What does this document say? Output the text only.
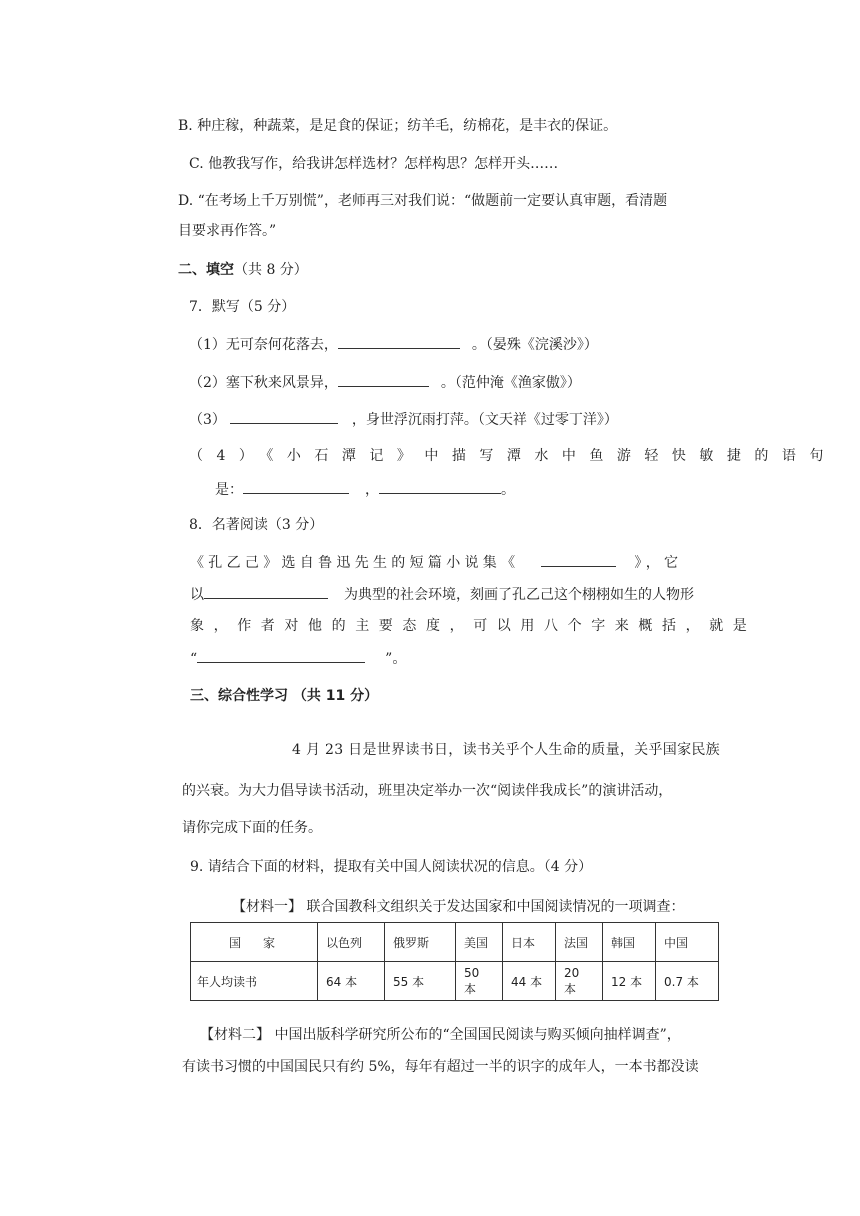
B. 种庄稼，种蔬菜，是足食的保证；纺羊毛，纺棉花，是丰衣的保证。
C. 他教我写作，给我讲怎样选材？怎样构思？怎样开头……
D. “在考场上千万别慌”，老师再三对我们说：“做题前一定要认真审题，看清题
目要求再作答。”
二、填空（共 8 分）
7．默写（5 分）
（1）无可奈何花落去，	。（晏殊《浣溪沙》）
（2）塞下秋来风景异，	。（范仲淹《渔家傲》）
（3）	，身世浮沉雨打萍。（文天祥《过零丁洋》）
（4）《小石潭记》中描写潭水中鱼游轻快敏捷的语句
是：	，	。
8．名著阅读（3 分）
《孔乙己》选自鲁迅先生的短篇小说集《	》，它
以	为典型的社会环境，刻画了孔乙己这个栩栩如生的人物形
象，作者对他的主要态度，可以用八个字来概括，就是
“	”。
三、综合性学习 （共 11 分）
4 月 23 日是世界读书日，读书关乎个人生命的质量，关乎国家民族
的兴衰。为大力倡导读书活动，班里决定举办一次“阅读伴我成长”的演讲活动，
请你完成下面的任务。
9. 请结合下面的材料，提取有关中国人阅读状况的信息。（4 分）
【材料一】 联合国教科文组织关于发达国家和中国阅读情况的一项调查：
国家	以色列	俄罗斯	美国	日本	法国	韩国	中国
年人均读书	64 本	55 本	50 本	44 本	20 本	12 本	0.7 本
【材料二】 中国出版科学研究所公布的“全国国民阅读与购买倾向抽样调查”，
有读书习惯的中国国民只有约 5%，每年有超过一半的识字的成年人，一本书都没读
